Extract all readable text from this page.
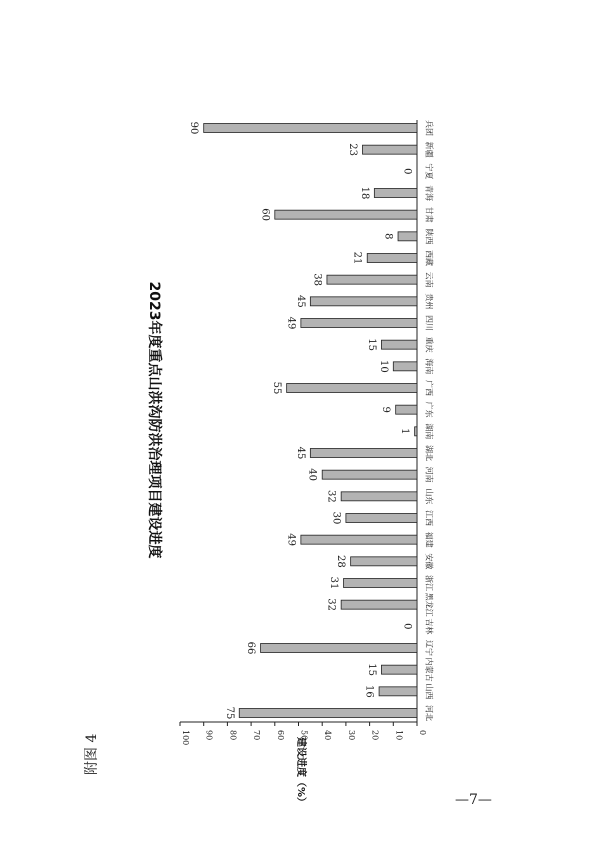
附图 4
2023年度重点山洪沟防洪治理项目建设进度
建设进度（%）
0
10
20
30
40
50
60
70
80
90
100
河北
山西
内蒙古
辽宁
吉林
黑龙江
浙江
安徽
福建
江西
山东
河南
湖北
湖南
广东
广西
海南
重庆
四川
贵州
云南
西藏
陕西
甘肃
青海
宁夏
新疆
兵团
75
16
15
66
0
32
31
28
49
30
32
40
45
1
9
55
10
15
49
45
38
21
8
60
18
0
23
90
—7—
